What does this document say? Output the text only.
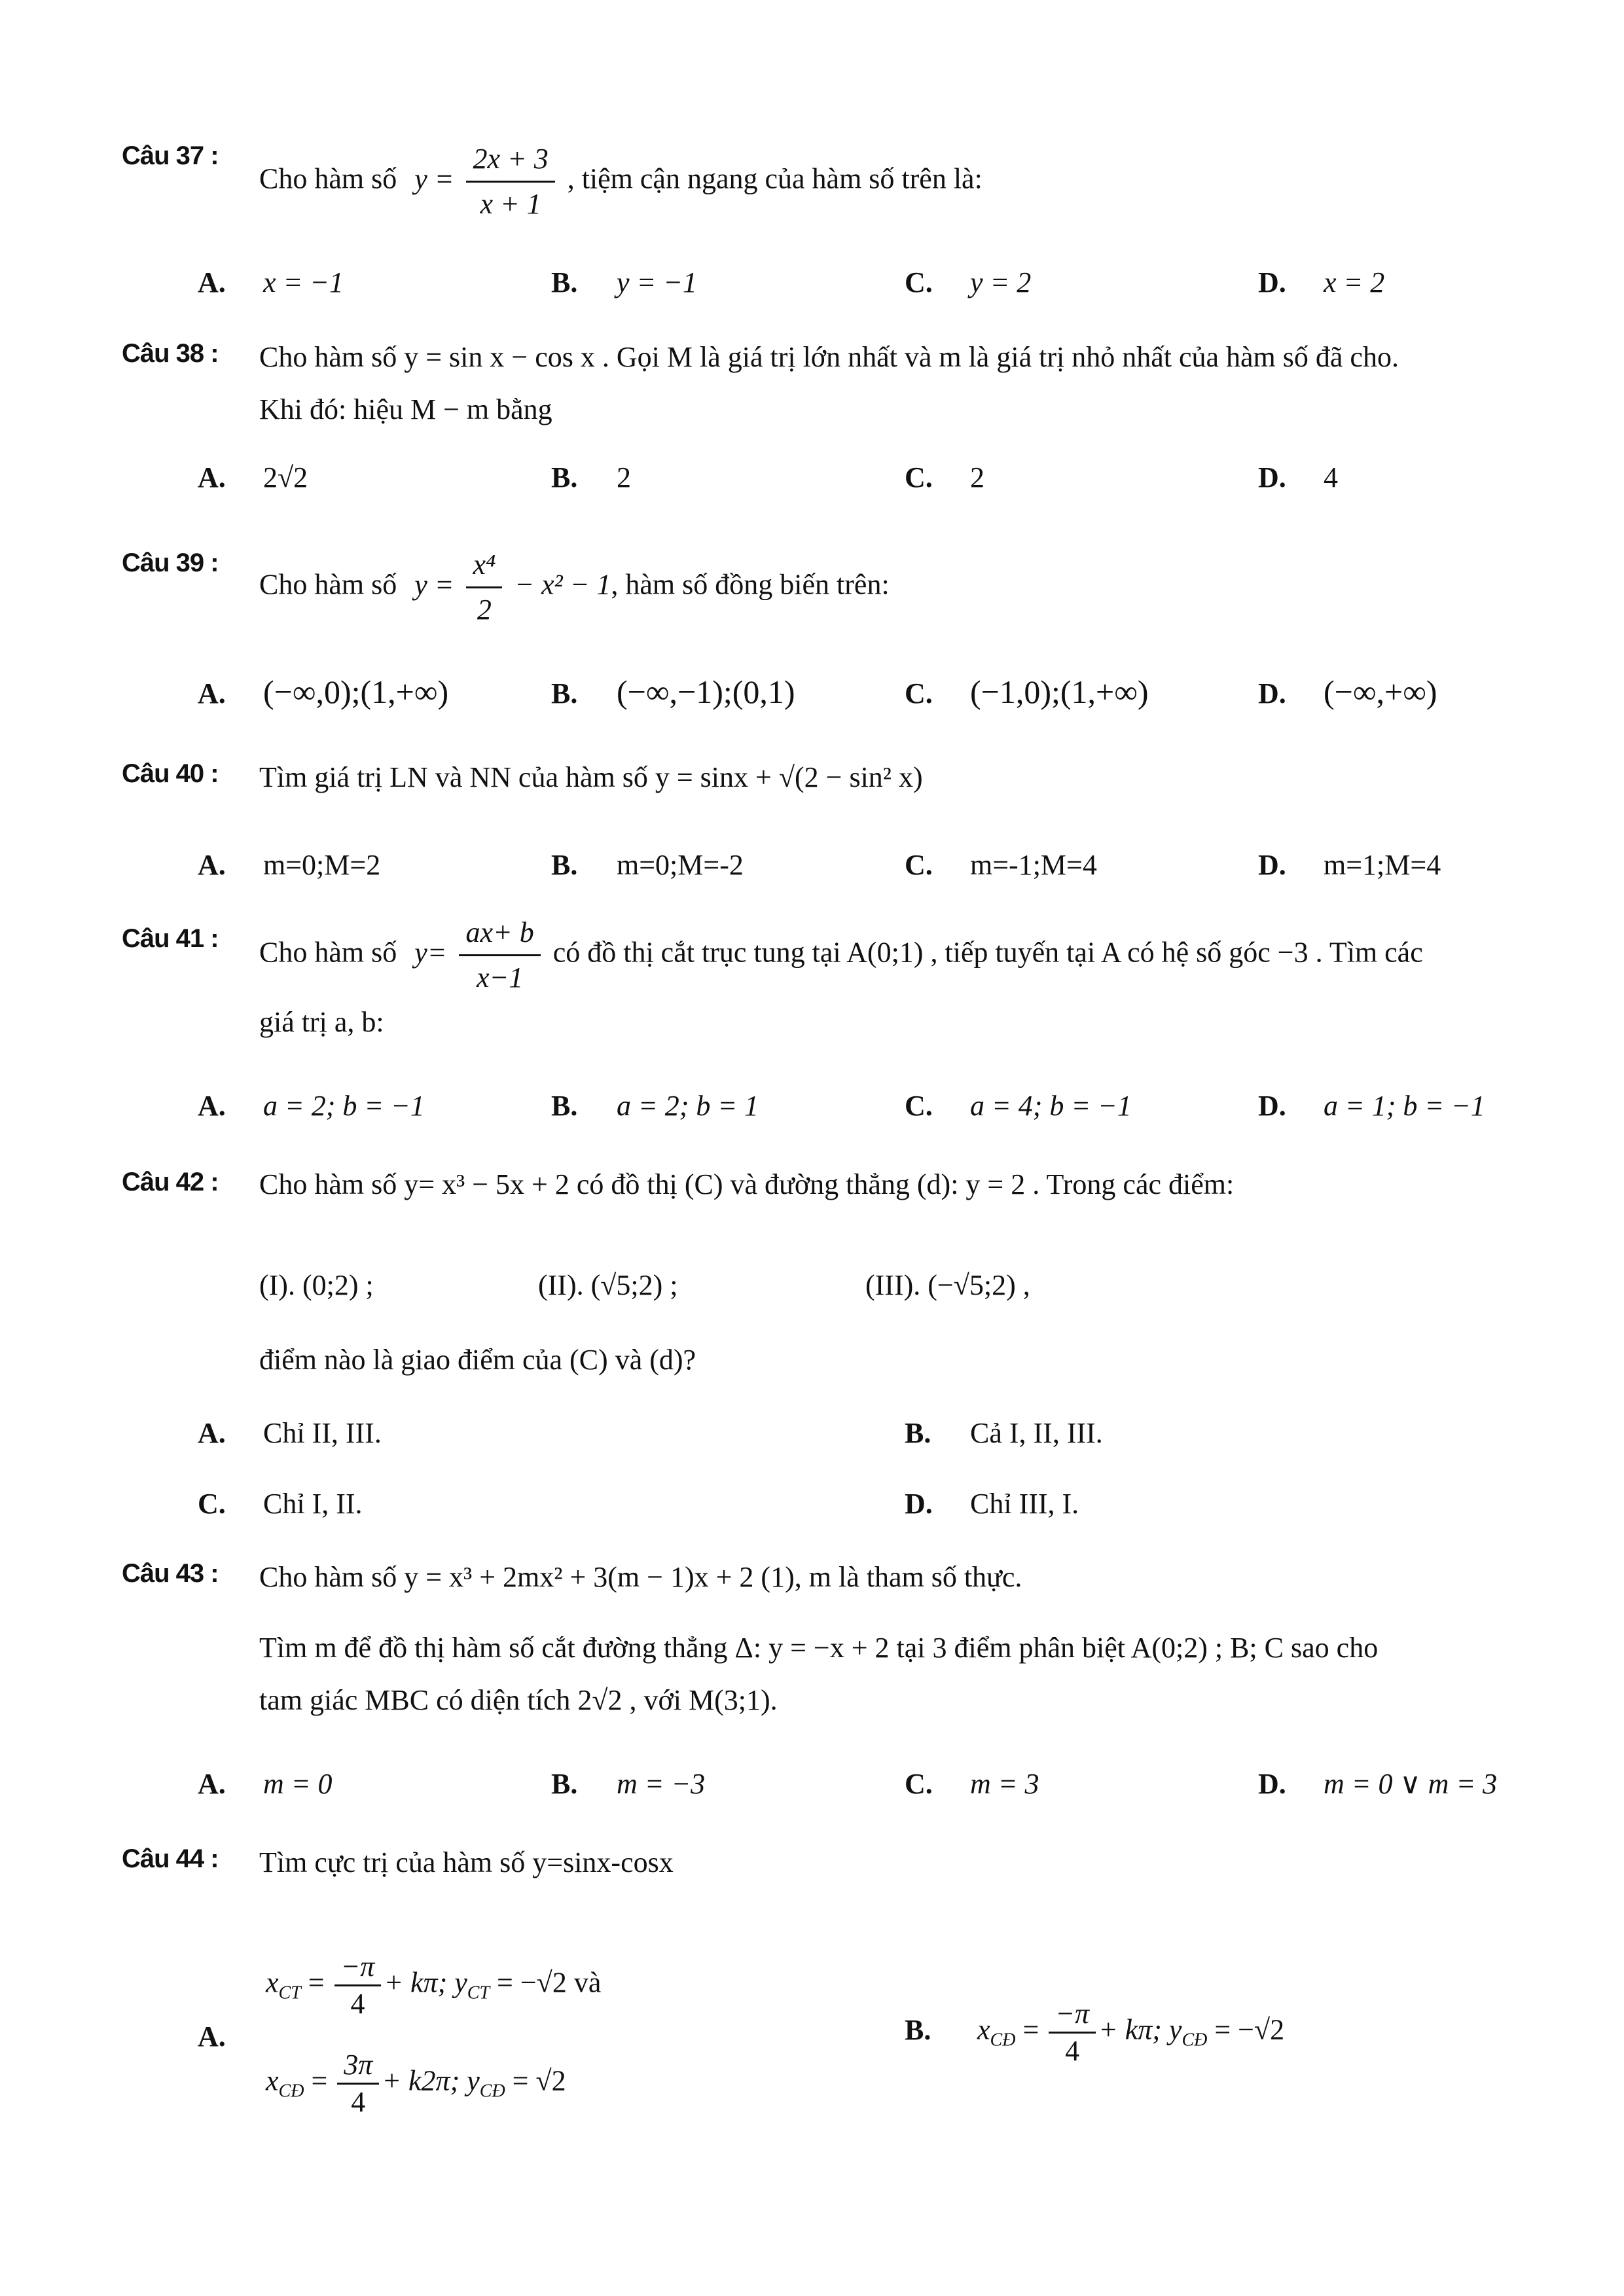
Câu 37 :
Cho hàm số $y = \frac{2x + 3}{x + 1}$ , tiệm cận ngang của hàm số trên là:
A. x = −1	B. y = −1	C. y = 2	D. x = 2
Câu 38 : Cho hàm số y = sin x − cos x . Gọi M là giá trị lớn nhất và m là giá trị nhỏ nhất của hàm số đã cho.
Khi đó: hiệu M − m bằng
A. 2√2	B. 2	C. 2	D. 4
Câu 39 :
Cho hàm số $y = \frac{\text{x⁴}}{2} - x^2 - 1$, hàm số đồng biến trên:
A. (−∞,0);(1,+∞)	B. (−∞,−1);(0,1)	C. (−1,0);(1,+∞)	D. (−∞,+∞)
Câu 40 : Tìm giá trị LN và NN của hàm số y = sinx + √(2 − sin² x)
A. m=0;M=2	B. m=0;M=-2	C. m=-1;M=4	D. m=1;M=4
Câu 41 : Cho hàm số $y= \frac{ax+ b}{x-1}$ có đồ thị cắt trục tung tại A(0;1) , tiếp tuyến tại A có hệ số góc −3 . Tìm các
giá trị a, b:
A. a = 2; b = −1	B. a = 2; b = 1	C. a = 4; b = −1	D. a = 1; b = −1
Câu 42 : Cho hàm số y= x³ − 5x + 2 có đồ thị (C) và đường thẳng (d): y = 2 . Trong các điểm:
(I). (0;2) ;	(II). (√5;2) ;	(III). (−√5;2) ,
điểm nào là giao điểm của (C) và (d)?
A. Chỉ II, III.	B. Cả I, II, III.
C. Chỉ I, II.	D. Chỉ III, I.
Câu 43 : Cho hàm số y = x³ + 2mx² + 3(m − 1)x + 2 (1), m là tham số thực.
Tìm m để đồ thị hàm số cắt đường thẳng Δ: y = −x + 2 tại 3 điểm phân biệt A(0;2) ; B; C sao cho
tam giác MBC có diện tích 2√2 , với M(3;1).
A. m = 0	B. m = −3	C. m = 3	D. m = 0 ∨ m = 3
Câu 44 : Tìm cực trị của hàm số y=sinx-cosx
A.
$x_{CT} = \frac{-\pi}{4} + k\pi$; $y_{CT} = -√2$ và
$x_{CĐ} = \frac{3\pi}{4} + k2\pi$; $y_{CĐ} = √2$
B. $x_{CĐ} = \frac{-\pi}{4} + k\pi$; $y_{CĐ} = -√2$
